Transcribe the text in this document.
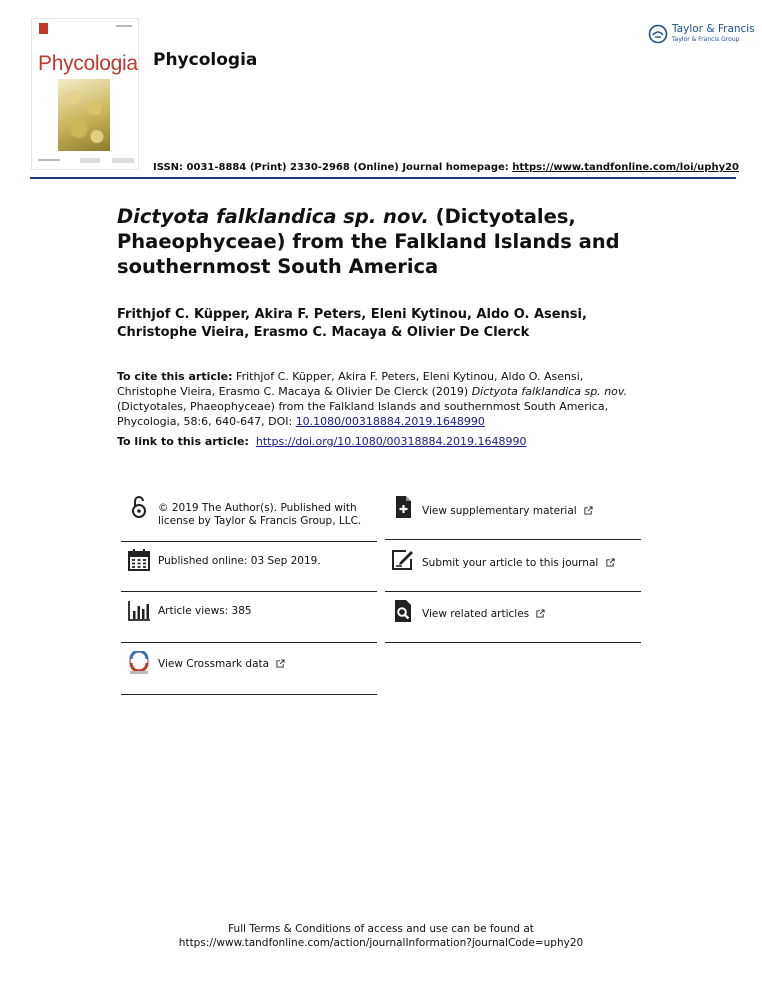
Phycologia Phycologia
Taylor & Francis
Taylor & Francis Group
ISSN: 0031-8884 (Print) 2330-2968 (Online) Journal homepage: https://www.tandfonline.com/loi/uphy20
Dictyota falklandica sp. nov. (Dictyotales, Phaeophyceae) from the Falkland Islands and southernmost South America
Frithjof C. Küpper, Akira F. Peters, Eleni Kytinou, Aldo O. Asensi, Christophe Vieira, Erasmo C. Macaya & Olivier De Clerck
To cite this article: Frithjof C. Küpper, Akira F. Peters, Eleni Kytinou, Aldo O. Asensi, Christophe Vieira, Erasmo C. Macaya & Olivier De Clerck (2019) Dictyota falklandica sp. nov. (Dictyotales, Phaeophyceae) from the Falkland Islands and southernmost South America, Phycologia, 58:6, 640-647, DOI: 10.1080/00318884.2019.1648990
To link to this article: https://doi.org/10.1080/00318884.2019.1648990
© 2019 The Author(s). Published with
license by Taylor & Francis Group, LLC.
Published online: 03 Sep 2019.
Article views: 385
View Crossmark data
View supplementary material
Submit your article to this journal
View related articles
Full Terms & Conditions of access and use can be found at
https://www.tandfonline.com/action/journalInformation?journalCode=uphy20
